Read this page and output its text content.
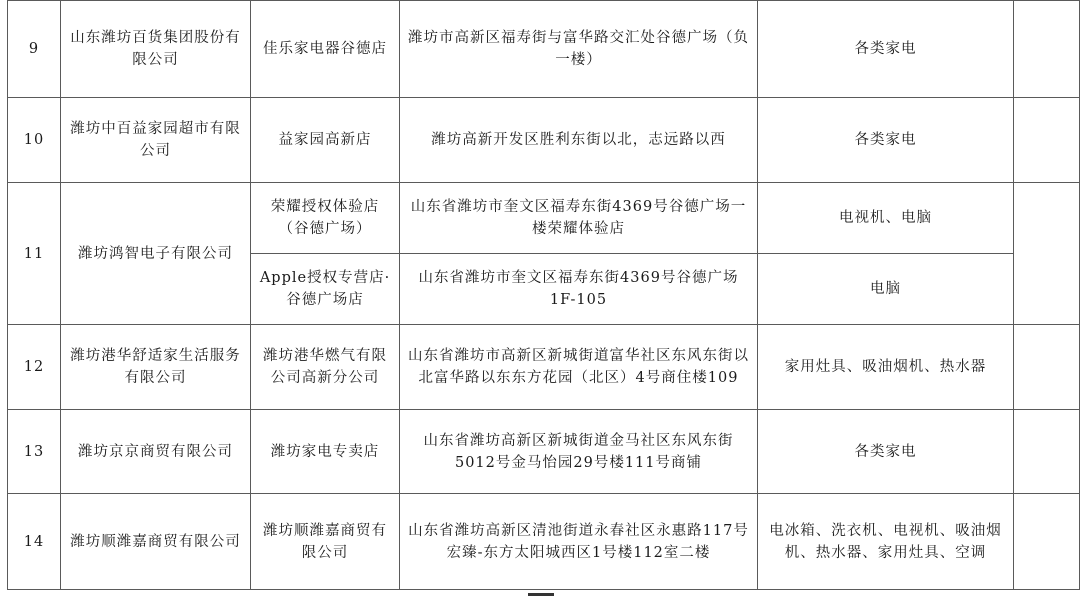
9	山东潍坊百货集团股份有限公司	佳乐家电器谷德店	潍坊市高新区福寿街与富华路交汇处谷德广场（负一楼）	各类家电	
10	潍坊中百益家园超市有限公司	益家园高新店	潍坊高新开发区胜利东街以北，志远路以西	各类家电	
11	潍坊鸿智电子有限公司	荣耀授权体验店（谷德广场）	山东省潍坊市奎文区福寿东街4369号谷德广场一楼荣耀体验店	电视机、电脑	
		Apple授权专营店·谷德广场店	山东省潍坊市奎文区福寿东街4369号谷德广场1F-105	电脑	
12	潍坊港华舒适家生活服务有限公司	潍坊港华燃气有限公司高新分公司	山东省潍坊市高新区新城街道富华社区东风东街以北富华路以东东方花园（北区）4号商住楼109	家用灶具、吸油烟机、热水器	
13	潍坊京京商贸有限公司	潍坊家电专卖店	山东省潍坊高新区新城街道金马社区东风东街5012号金马怡园29号楼111号商铺	各类家电	
14	潍坊顺潍嘉商贸有限公司	潍坊顺潍嘉商贸有限公司	山东省潍坊高新区清池街道永春社区永惠路117号宏臻-东方太阳城西区1号楼112室二楼	电冰箱、洗衣机、电视机、吸油烟机、热水器、家用灶具、空调	
